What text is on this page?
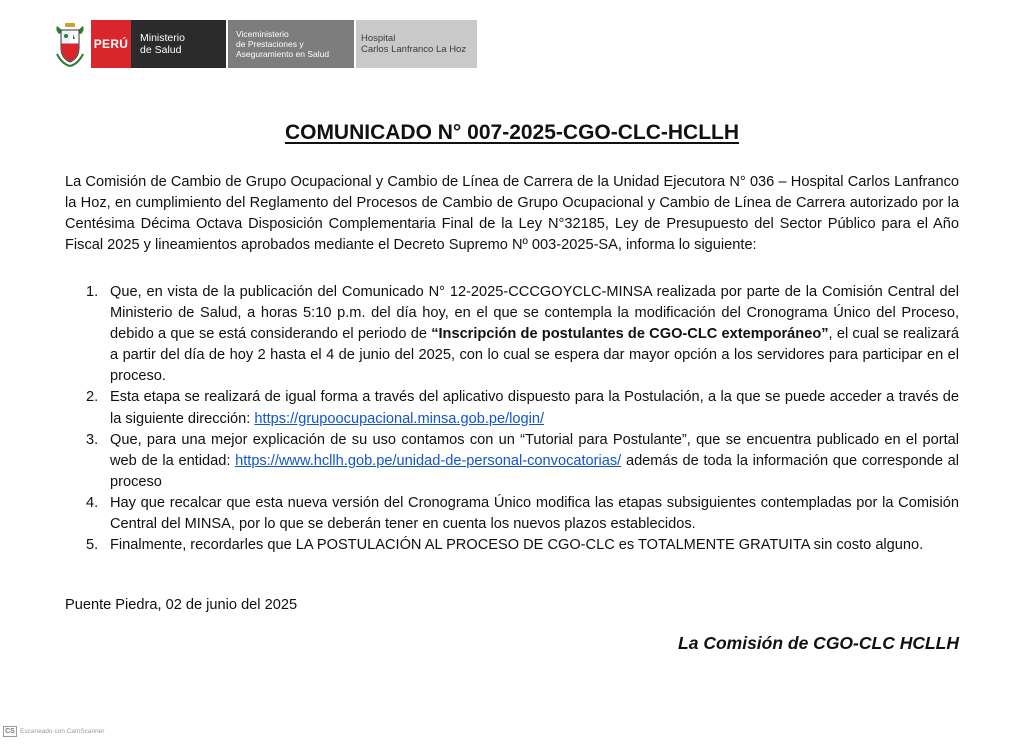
PERÚ Ministerio
de Salud
Viceministerio
de Prestaciones y
Aseguramiento en Salud
Hospital
Carlos Lanfranco La Hoz
COMUNICADO N° 007-2025-CGO-CLC-HCLLH

La Comisión de Cambio de Grupo Ocupacional y Cambio de Línea de Carrera de la Unidad Ejecutora N° 036 – Hospital Carlos Lanfranco la Hoz, en cumplimiento del Reglamento del Procesos de Cambio de Grupo Ocupacional y Cambio de Línea de Carrera autorizado por la Centésima Décima Octava Disposición Complementaria Final de la Ley N°32185, Ley de Presupuesto del Sector Público para el Año Fiscal 2025 y lineamientos aprobados mediante el Decreto Supremo Nº 003-2025-SA, informa lo siguiente:

1. Que, en vista de la publicación del Comunicado N° 12-2025-CCCGOYCLC-MINSA realizada por parte de la Comisión Central del Ministerio de Salud, a horas 5:10 p.m. del día hoy, en el que se contempla la modificación del Cronograma Único del Proceso, debido a que se está considerando el periodo de “Inscripción de postulantes de CGO-CLC extemporáneo”, el cual se realizará a partir del día de hoy 2 hasta el 4 de junio del 2025, con lo cual se espera dar mayor opción a los servidores para participar en el proceso.
2. Esta etapa se realizará de igual forma a través del aplicativo dispuesto para la Postulación, a la que se puede acceder a través de la siguiente dirección: https://grupoocupacional.minsa.gob.pe/login/
3. Que, para una mejor explicación de su uso contamos con un “Tutorial para Postulante”, que se encuentra publicado en el portal web de la entidad: https://www.hcllh.gob.pe/unidad-de-personal-convocatorias/ además de toda la información que corresponde al proceso
4. Hay que recalcar que esta nueva versión del Cronograma Único modifica las etapas subsiguientes contempladas por la Comisión Central del MINSA, por lo que se deberán tener en cuenta los nuevos plazos establecidos.
5. Finalmente, recordarles que LA POSTULACIÓN AL PROCESO DE CGO-CLC es TOTALMENTE GRATUITA sin costo alguno.

Puente Piedra, 02 de junio del 2025

La Comisión de CGO-CLC HCLLH

CS Escaneado con CamScanner
